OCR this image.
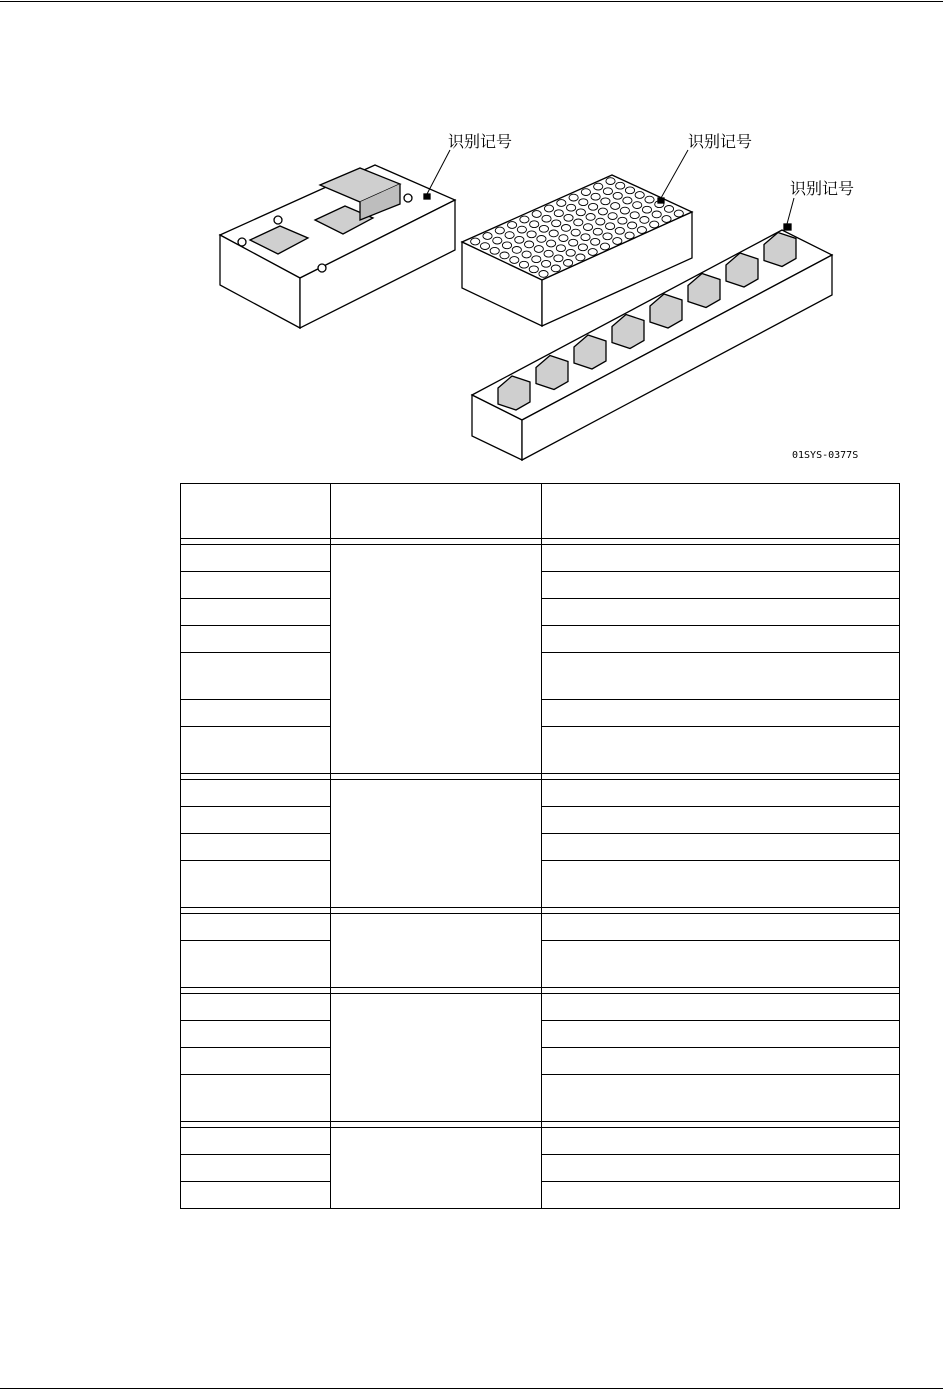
识别记号	识别记号
识别记号
01SYS-0377S
